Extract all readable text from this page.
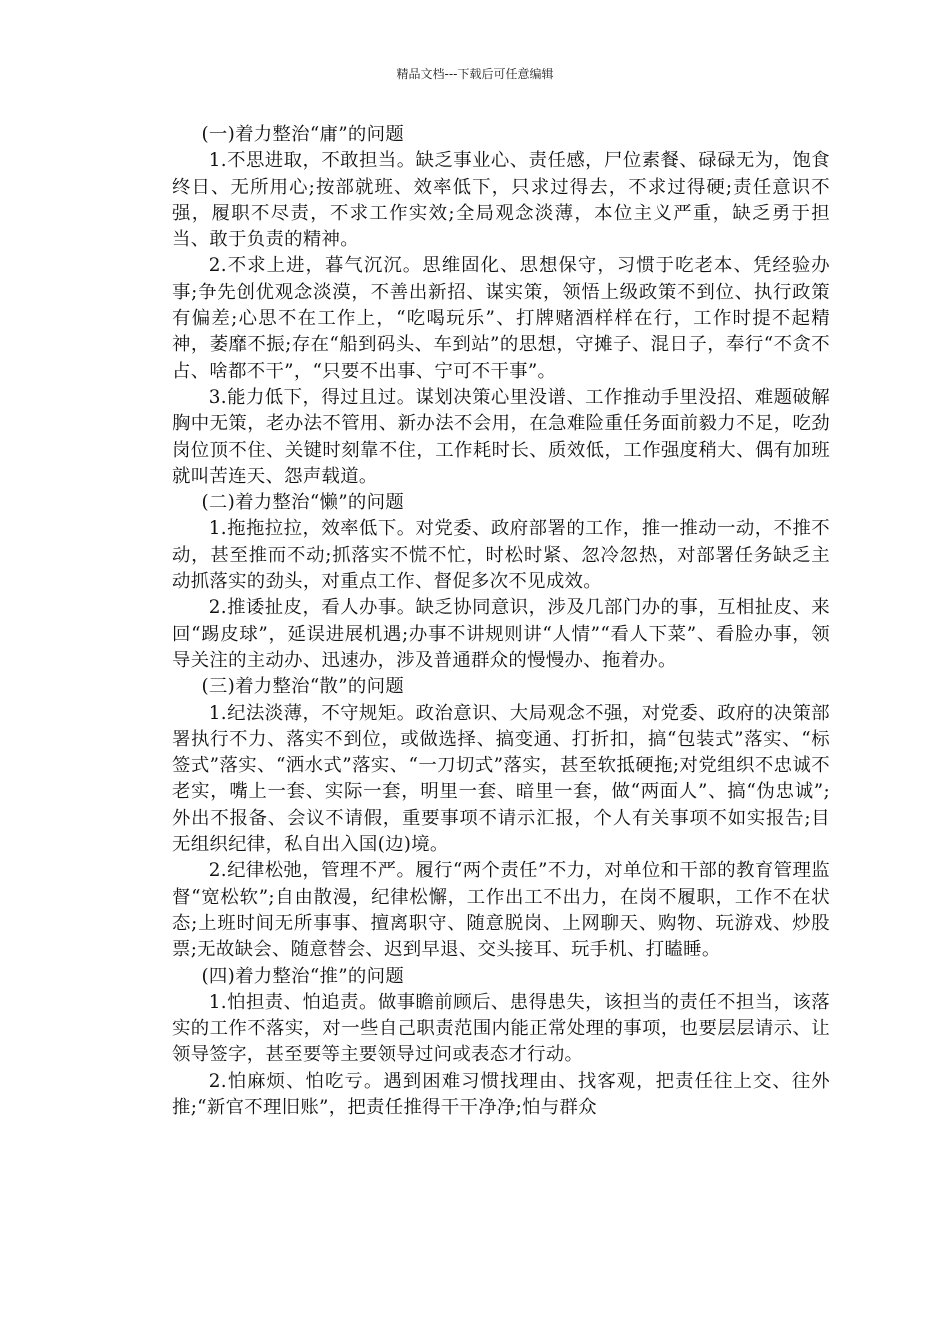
精品文档---下载后可任意编辑

(一)着力整治“庸”的问题

1.不思进取，不敢担当。缺乏事业心、责任感，尸位素餐、碌碌无为，饱食终日、无所用心;按部就班、效率低下，只求过得去，不求过得硬;责任意识不强，履职不尽责，不求工作实效;全局观念淡薄，本位主义严重，缺乏勇于担当、敢于负责的精神。

2.不求上进，暮气沉沉。思维固化、思想保守，习惯于吃老本、凭经验办事;争先创优观念淡漠，不善出新招、谋实策，领悟上级政策不到位、执行政策有偏差;心思不在工作上，“吃喝玩乐”、打牌赌酒样样在行，工作时提不起精神，萎靡不振;存在“船到码头、车到站”的思想，守摊子、混日子，奉行“不贪不占、啥都不干”，“只要不出事、宁可不干事”。

3.能力低下，得过且过。谋划决策心里没谱、工作推动手里没招、难题破解胸中无策，老办法不管用、新办法不会用，在急难险重任务面前毅力不足，吃劲岗位顶不住、关键时刻靠不住，工作耗时长、质效低，工作强度稍大、偶有加班就叫苦连天、怨声载道。

(二)着力整治“懒”的问题

1.拖拖拉拉，效率低下。对党委、政府部署的工作，推一推动一动，不推不动，甚至推而不动;抓落实不慌不忙，时松时紧、忽冷忽热，对部署任务缺乏主动抓落实的劲头，对重点工作、督促多次不见成效。

2.推诿扯皮，看人办事。缺乏协同意识，涉及几部门办的事，互相扯皮、来回“踢皮球”，延误进展机遇;办事不讲规则讲“人情”“看人下菜”、看脸办事，领导关注的主动办、迅速办，涉及普通群众的慢慢办、拖着办。

(三)着力整治“散”的问题

1.纪法淡薄，不守规矩。政治意识、大局观念不强，对党委、政府的决策部署执行不力、落实不到位，或做选择、搞变通、打折扣，搞“包装式”落实、“标签式”落实、“洒水式”落实、“一刀切式”落实，甚至软抵硬拖;对党组织不忠诚不老实，嘴上一套、实际一套，明里一套、暗里一套，做“两面人”、搞“伪忠诚”;外出不报备、会议不请假，重要事项不请示汇报，个人有关事项不如实报告;目无组织纪律，私自出入国(边)境。

2.纪律松弛，管理不严。履行“两个责任”不力，对单位和干部的教育管理监督“宽松软”;自由散漫，纪律松懈，工作出工不出力，在岗不履职，工作不在状态;上班时间无所事事、擅离职守、随意脱岗、上网聊天、购物、玩游戏、炒股票;无故缺会、随意替会、迟到早退、交头接耳、玩手机、打瞌睡。

(四)着力整治“推”的问题

1.怕担责、怕追责。做事瞻前顾后、患得患失，该担当的责任不担当，该落实的工作不落实，对一些自己职责范围内能正常处理的事项，也要层层请示、让领导签字，甚至要等主要领导过问或表态才行动。

2.怕麻烦、怕吃亏。遇到困难习惯找理由、找客观，把责任往上交、往外推;“新官不理旧账”，把责任推得干干净净;怕与群众
